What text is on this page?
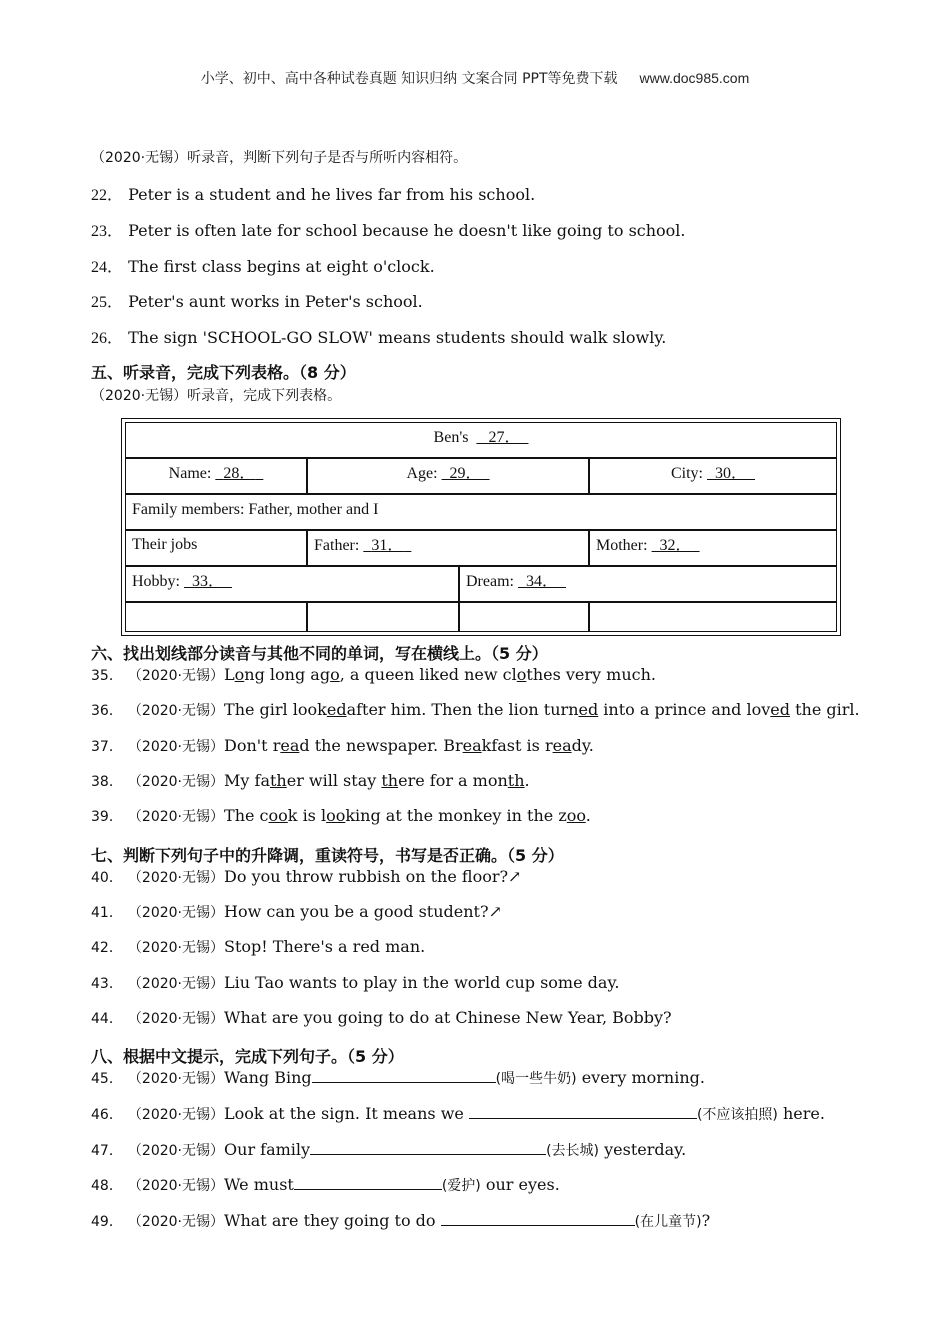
小学、初中、高中各种试卷真题 知识归纳 文案合同 PPT等免费下载 www.doc985.com
（2020·无锡）听录音，判断下列句子是否与所听内容相符。
22． Peter is a student and he lives far from his school.
23． Peter is often late for school because he doesn't like going to school.
24． The first class begins at eight o'clock.
25． Peter's aunt works in Peter's school.
26． The sign 'SCHOOL-GO SLOW' means students should walk slowly.
五、听录音，完成下列表格。（8 分）
（2020·无锡）听录音，完成下列表格。
Ben's 27．
Name: 28．	Age: 29．	City: 30．
Family members: Father, mother and I
Their jobs	Father: 31．	Mother: 32．
Hobby: 33．	Dream: 34．
六、找出划线部分读音与其他不同的单词，写在横线上。（5 分）
35． （2020·无锡）Long long ago, a queen liked new clothes very much.
36． （2020·无锡）The girl lookedafter him. Then the lion turned into a prince and loved the girl.
37． （2020·无锡）Don't read the newspaper. Breakfast is ready.
38． （2020·无锡）My father will stay there for a month.
39． （2020·无锡）The cook is looking at the monkey in the zoo.
七、判断下列句子中的升降调，重读符号，书写是否正确。（5 分）
40． （2020·无锡）Do you throw rubbish on the floor?↗
41． （2020·无锡）How can you be a good student?↗
42． （2020·无锡）Stop! There's a red man.
43． （2020·无锡）Liu Tao wants to play in the world cup some day.
44． （2020·无锡）What are you going to do at Chinese New Year, Bobby?
八、根据中文提示，完成下列句子。（5 分）
45． （2020·无锡）Wang Bing	(喝一些牛奶) every morning.
46． （2020·无锡）Look at the sign. It means we	(不应该拍照) here.
47． （2020·无锡）Our family	(去长城) yesterday.
48． （2020·无锡）We must	(爱护) our eyes.
49． （2020·无锡）What are they going to do	(在儿童节)?
